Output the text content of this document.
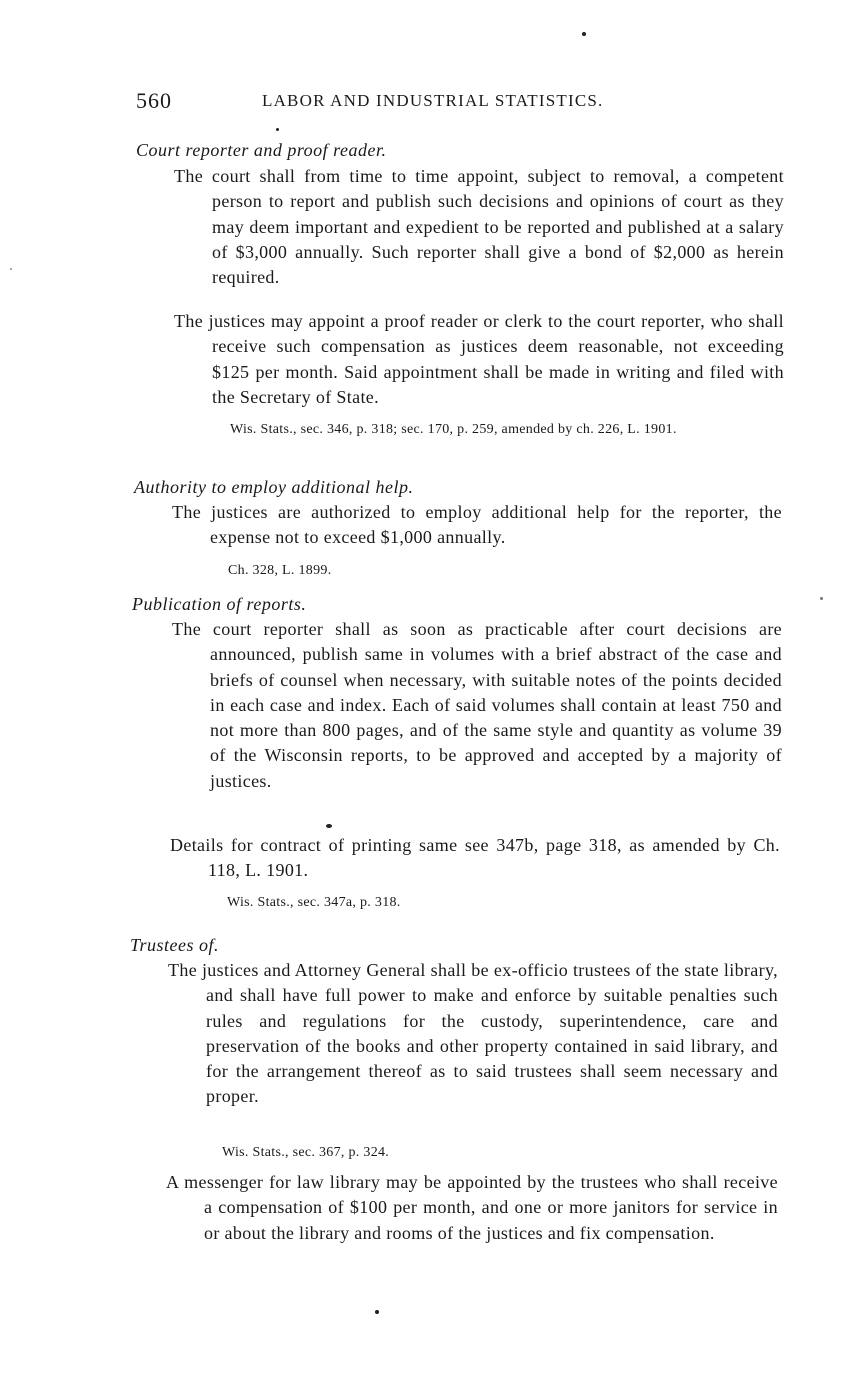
560	LABOR AND INDUSTRIAL STATISTICS.
Court reporter and proof reader.
The court shall from time to time appoint, subject to removal, a competent person to report and publish such decisions and opinions of court as they may deem important and expedient to be reported and published at a salary of $3,000 annually. Such reporter shall give a bond of $2,000 as herein required.
The justices may appoint a proof reader or clerk to the court reporter, who shall receive such compensation as justices deem reasonable, not exceeding $125 per month. Said appointment shall be made in writing and filed with the Secretary of State.
Wis. Stats., sec. 346, p. 318; sec. 170, p. 259, amended by ch. 226, L. 1901.
Authority to employ additional help.
The justices are authorized to employ additional help for the reporter, the expense not to exceed $1,000 annually.
Ch. 328, L. 1899.
Publication of reports.
The court reporter shall as soon as practicable after court decisions are announced, publish same in volumes with a brief abstract of the case and briefs of counsel when necessary, with suitable notes of the points decided in each case and index. Each of said volumes shall contain at least 750 and not more than 800 pages, and of the same style and quantity as volume 39 of the Wisconsin reports, to be approved and accepted by a majority of justices.
Details for contract of printing same see 347b, page 318, as amended by Ch. 118, L. 1901.
Wis. Stats., sec. 347a, p. 318.
Trustees of.
The justices and Attorney General shall be ex-officio trustees of the state library, and shall have full power to make and enforce by suitable penalties such rules and regulations for the custody, superintendence, care and preservation of the books and other property contained in said library, and for the arrangement thereof as to said trustees shall seem necessary and proper.
Wis. Stats., sec. 367, p. 324.
A messenger for law library may be appointed by the trustees who shall receive a compensation of $100 per month, and one or more janitors for service in or about the library and rooms of the justices and fix compensation.
